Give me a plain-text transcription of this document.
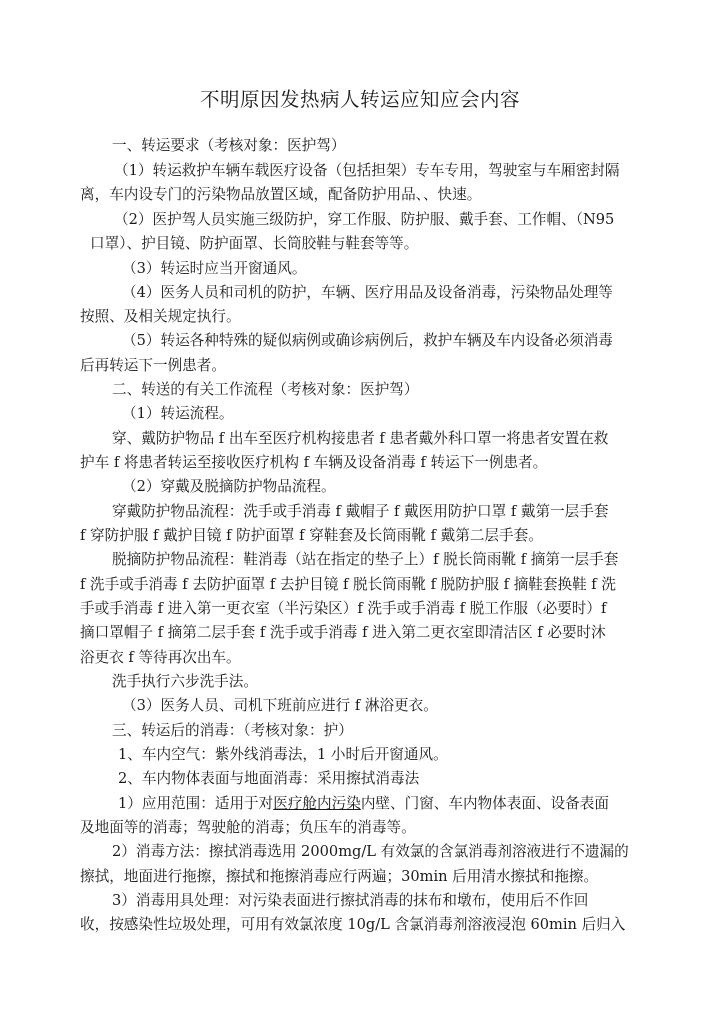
不明原因发热病人转运应知应会内容
一、转运要求（考核对象：医护驾）
（1）转运救护车辆车载医疗设备（包括担架）专车专用，驾驶室与车厢密封隔
离，车内设专门的污染物品放置区域，配备防护用品、、快速。
（2）医护驾人员实施三级防护，穿工作服、防护服、戴手套、工作帽、（N95
口罩）、护目镜、防护面罩、长筒胶鞋与鞋套等等。
（3）转运时应当开窗通风。
（4）医务人员和司机的防护，车辆、医疗用品及设备消毒，污染物品处理等
按照、及相关规定执行。
（5）转运各种特殊的疑似病例或确诊病例后，救护车辆及车内设备必须消毒
后再转运下一例患者。
二、转送的有关工作流程（考核对象：医护驾）
（1）转运流程。
穿、戴防护物品 f 出车至医疗机构接患者 f 患者戴外科口罩一将患者安置在救
护车 f 将患者转运至接收医疗机构 f 车辆及设备消毒 f 转运下一例患者。
（2）穿戴及脱摘防护物品流程。
穿戴防护物品流程：洗手或手消毒 f 戴帽子 f 戴医用防护口罩 f 戴第一层手套
f 穿防护服 f 戴护目镜 f 防护面罩 f 穿鞋套及长筒雨靴 f 戴第二层手套。
脱摘防护物品流程：鞋消毒（站在指定的垫子上）f 脱长筒雨靴 f 摘第一层手套
f 洗手或手消毒 f 去防护面罩 f 去护目镜 f 脱长筒雨靴 f 脱防护服 f 摘鞋套换鞋 f 洗
手或手消毒 f 进入第一更衣室（半污染区）f 洗手或手消毒 f 脱工作服（必要时）f
摘口罩帽子 f 摘第二层手套 f 洗手或手消毒 f 进入第二更衣室即清洁区 f 必要时沐
浴更衣 f 等待再次出车。
洗手执行六步洗手法。
（3）医务人员、司机下班前应进行 f 淋浴更衣。
三、转运后的消毒：（考核对象：护）
1、车内空气：紫外线消毒法，1 小时后开窗通风。
2、车内物体表面与地面消毒：采用擦拭消毒法
1）应用范围：适用于对医疗舱内污染内壁、门窗、车内物体表面、设备表面
及地面等的消毒；驾驶舱的消毒；负压车的消毒等。
2）消毒方法：擦拭消毒选用 2000mg/L 有效氯的含氯消毒剂溶液进行不遗漏的
擦拭，地面进行拖擦，擦拭和拖擦消毒应行两遍；30min 后用清水擦拭和拖擦。
3）消毒用具处理：对污染表面进行擦拭消毒的抹布和墩布，使用后不作回
收，按感染性垃圾处理，可用有效氯浓度 10g/L 含氯消毒剂溶液浸泡 60min 后归入
